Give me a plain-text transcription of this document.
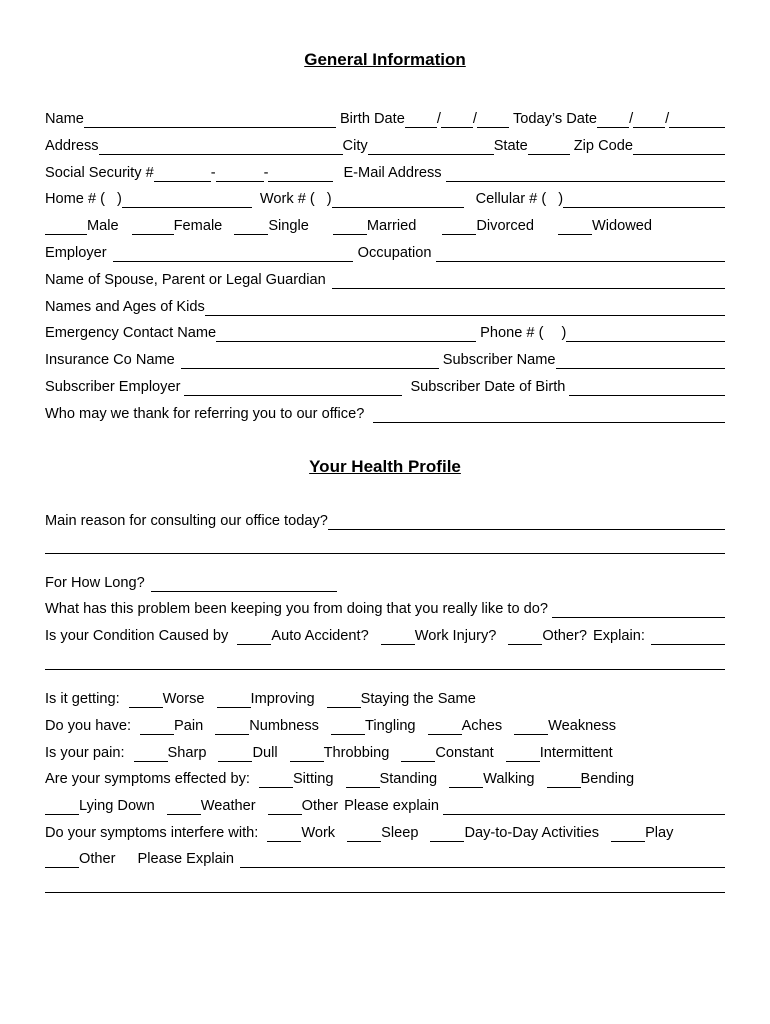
General Information
Name	Birth Date / / Today’s Date / /
Address	City	State	Zip Code
Social Security #	-	-	E-Mail Address
Home # ( )	Work # ( )	Cellular # ( )
Male	Female	Single	Married	Divorced	Widowed
Employer	Occupation
Name of Spouse, Parent or Legal Guardian
Names and Ages of Kids
Emergency Contact Name	Phone # ( )
Insurance Co Name	Subscriber Name
Subscriber Employer	Subscriber Date of Birth
Who may we thank for referring you to our office?
Your Health Profile
Main reason for consulting our office today?
For How Long?
What has this problem been keeping you from doing that you really like to do?
Is your Condition Caused by	Auto Accident?	Work Injury?	Other? Explain:
Is it getting:	Worse	Improving	Staying the Same
Do you have:	Pain	Numbness	Tingling	Aches	Weakness
Is your pain:	Sharp	Dull	Throbbing	Constant	Intermittent
Are your symptoms effected by:	Sitting	Standing	Walking	Bending
Lying Down	Weather	Other Please explain
Do your symptoms interfere with:	Work	Sleep	Day-to-Day Activities	Play
Other Please Explain
